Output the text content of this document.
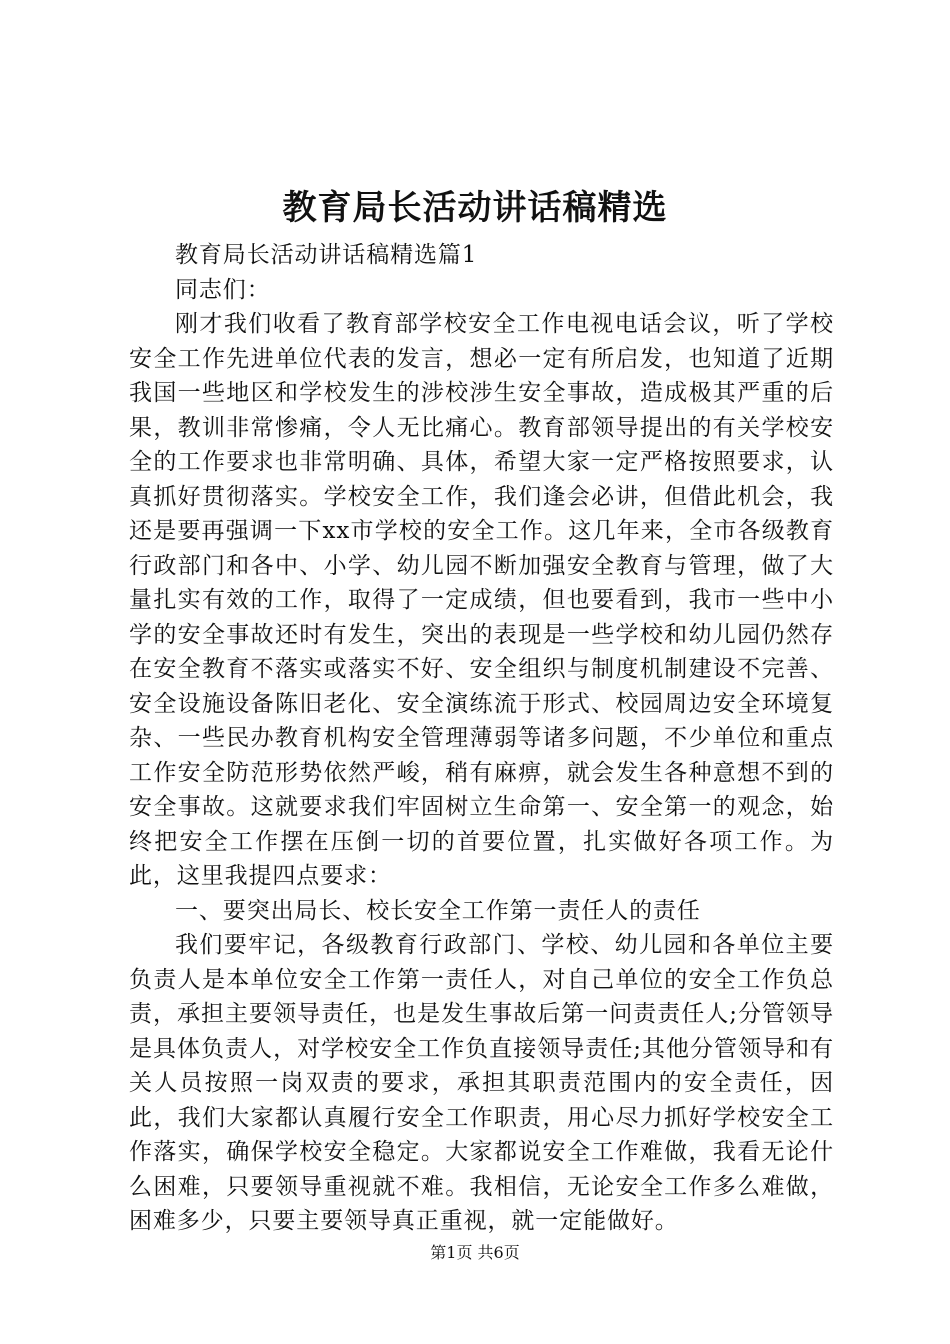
教育局长活动讲话稿精选

教育局长活动讲话稿精选篇1

同志们：

刚才我们收看了教育部学校安全工作电视电话会议，听了学校安全工作先进单位代表的发言，想必一定有所启发，也知道了近期我国一些地区和学校发生的涉校涉生安全事故，造成极其严重的后果，教训非常惨痛，令人无比痛心。教育部领导提出的有关学校安全的工作要求也非常明确、具体，希望大家一定严格按照要求，认真抓好贯彻落实。学校安全工作，我们逢会必讲，但借此机会，我还是要再强调一下xx市学校的安全工作。这几年来，全市各级教育行政部门和各中、小学、幼儿园不断加强安全教育与管理，做了大量扎实有效的工作，取得了一定成绩，但也要看到，我市一些中小学的安全事故还时有发生，突出的表现是一些学校和幼儿园仍然存在安全教育不落实或落实不好、安全组织与制度机制建设不完善、安全设施设备陈旧老化、安全演练流于形式、校园周边安全环境复杂、一些民办教育机构安全管理薄弱等诸多问题，不少单位和重点工作安全防范形势依然严峻，稍有麻痹，就会发生各种意想不到的安全事故。这就要求我们牢固树立生命第一、安全第一的观念，始终把安全工作摆在压倒一切的首要位置，扎实做好各项工作。为此，这里我提四点要求：

一、要突出局长、校长安全工作第一责任人的责任

我们要牢记，各级教育行政部门、学校、幼儿园和各单位主要负责人是本单位安全工作第一责任人，对自己单位的安全工作负总责，承担主要领导责任，也是发生事故后第一问责责任人;分管领导是具体负责人，对学校安全工作负直接领导责任;其他分管领导和有关人员按照一岗双责的要求，承担其职责范围内的安全责任，因此，我们大家都认真履行安全工作职责，用心尽力抓好学校安全工作落实，确保学校安全稳定。大家都说安全工作难做，我看无论什么困难，只要领导重视就不难。我相信，无论安全工作多么难做，困难多少，只要主要领导真正重视，就一定能做好。

第1页 共6页
